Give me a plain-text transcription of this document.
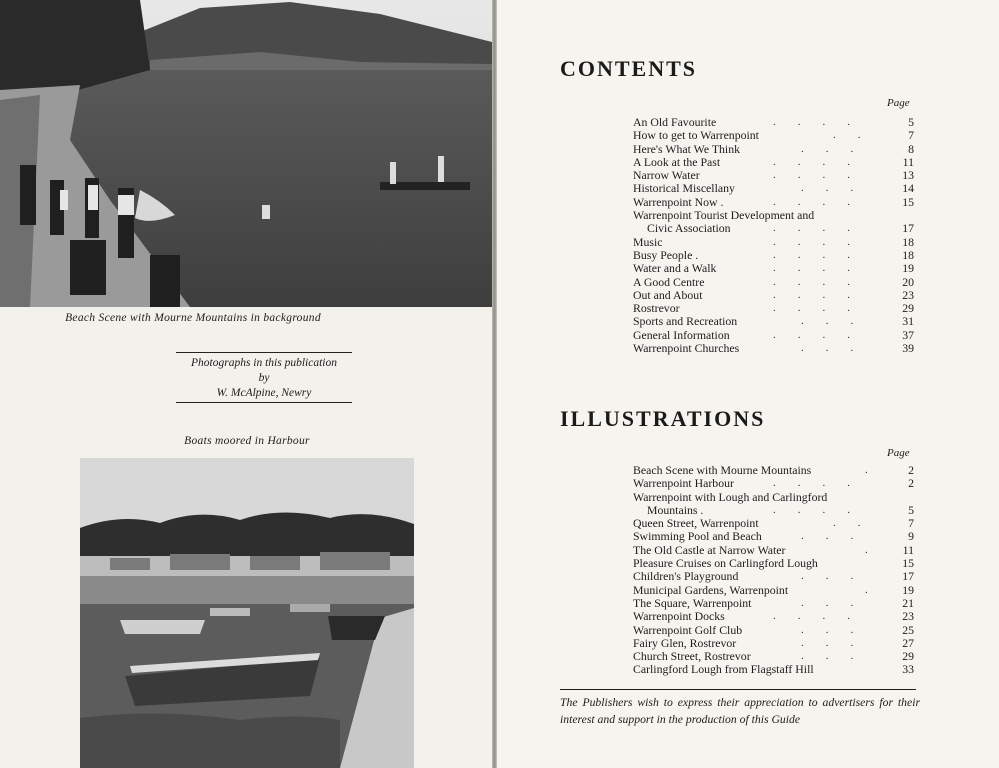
Beach Scene with Mourne Mountains in background
Photographs in this publication
by
W. McAlpine, Newry
Boats moored in Harbour
CONTENTS
Page
An Old Favourite	....	5
How to get to Warrenpoint	.. 7
Here's What We Think	...	8
A Look at the Past	....	11
Narrow Water	....	13
Historical Miscellany	... 14
Warrenpoint Now .	....	15
Warrenpoint Tourist Development and
Civic Association	....	17
Music	....	18
Busy People .	....	18
Water and a Walk	....	19
A Good Centre	....	20
Out and About	....	23
Rostrevor	....	29
Sports and Recreation	... 31
General Information	....	37
Warrenpoint Churches	... 39
ILLUSTRATIONS
Page
Beach Scene with Mourne Mountains	. 2
Warrenpoint Harbour	....	2
Warrenpoint with Lough and Carlingford
Mountains .	....	5
Queen Street, Warrenpoint	.. 7
Swimming Pool and Beach	...	9
The Old Castle at Narrow Water	. 11
Pleasure Cruises on Carlingford Lough	15
Children's Playground	... 17
Municipal Gardens, Warrenpoint	. 19
The Square, Warrenpoint	... 21
Warrenpoint Docks	....	23
Warrenpoint Golf Club	... 25
Fairy Glen, Rostrevor	... 27
Church Street, Rostrevor	... 29
Carlingford Lough from Flagstaff Hill	33
The Publishers wish to express their appreciation to advertisers for their interest and support in the production of this Guide
